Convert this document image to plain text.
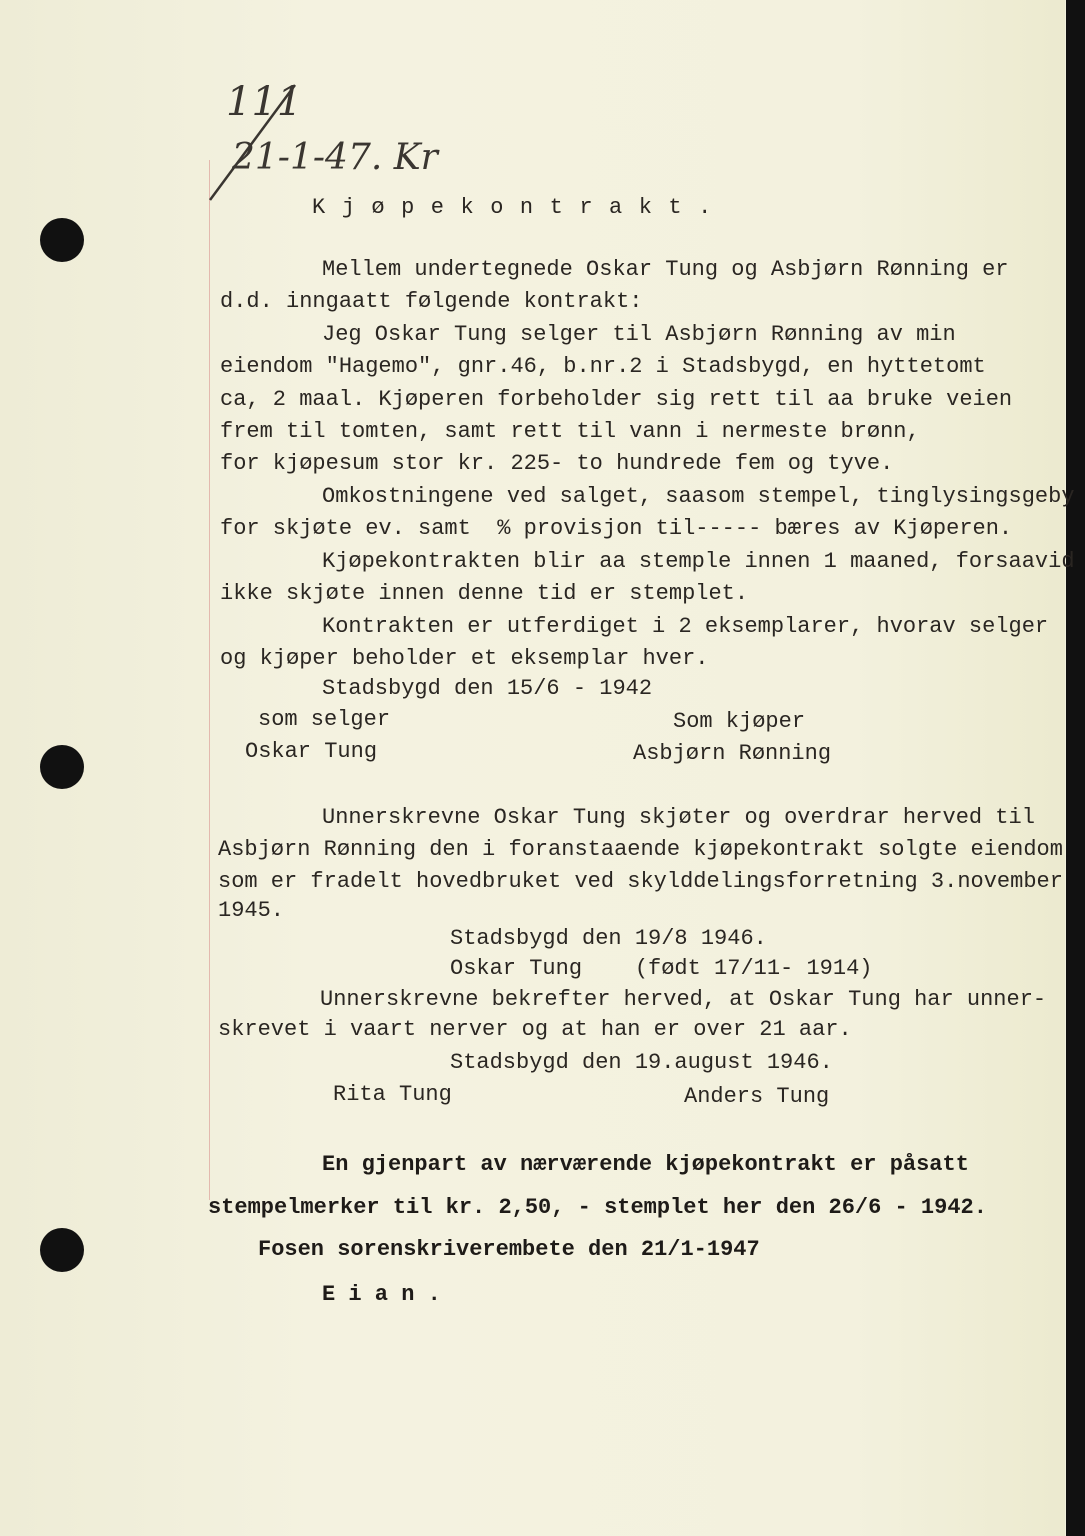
111
21-1-47. Kr
Kjøpekontrakt.
Mellem undertegnede Oskar Tung og Asbjørn Rønning er
d.d. inngaatt følgende kontrakt:
Jeg Oskar Tung selger til Asbjørn Rønning av min
eiendom "Hagemo", gnr.46, b.nr.2 i Stadsbygd, en hyttetomt
ca, 2 maal. Kjøperen forbeholder sig rett til aa bruke veien
frem til tomten, samt rett til vann i nermeste brønn,
for kjøpesum stor kr. 225- to hundrede fem og tyve.
Omkostningene ved salget, saasom stempel, tinglysingsgeby
for skjøte ev. samt  % provisjon til----- bæres av Kjøperen.
Kjøpekontrakten blir aa stemple innen 1 maaned, forsaavid
ikke skjøte innen denne tid er stemplet.
Kontrakten er utferdiget i 2 eksemplarer, hvorav selger
og kjøper beholder et eksemplar hver.
Stadsbygd den 15/6 - 1942
som selger	Som kjøper
Oskar Tung	Asbjørn Rønning
Unnerskrevne Oskar Tung skjøter og overdrar herved til
Asbjørn Rønning den i foranstaaende kjøpekontrakt solgte eiendom
som er fradelt hovedbruket ved skylddelingsforretning 3.november
1945.
Stadsbygd den 19/8 1946.
Oskar Tung    (født 17/11- 1914)
Unnerskrevne bekrefter herved, at Oskar Tung har unner-
skrevet i vaart nerver og at han er over 21 aar.
Stadsbygd den 19.august 1946.
Rita Tung	Anders Tung
En gjenpart av nærværende kjøpekontrakt er påsatt
stempelmerker til kr. 2,50, - stemplet her den 26/6 - 1942.
Fosen sorenskriverembete den 21/1-1947
E i a n .
